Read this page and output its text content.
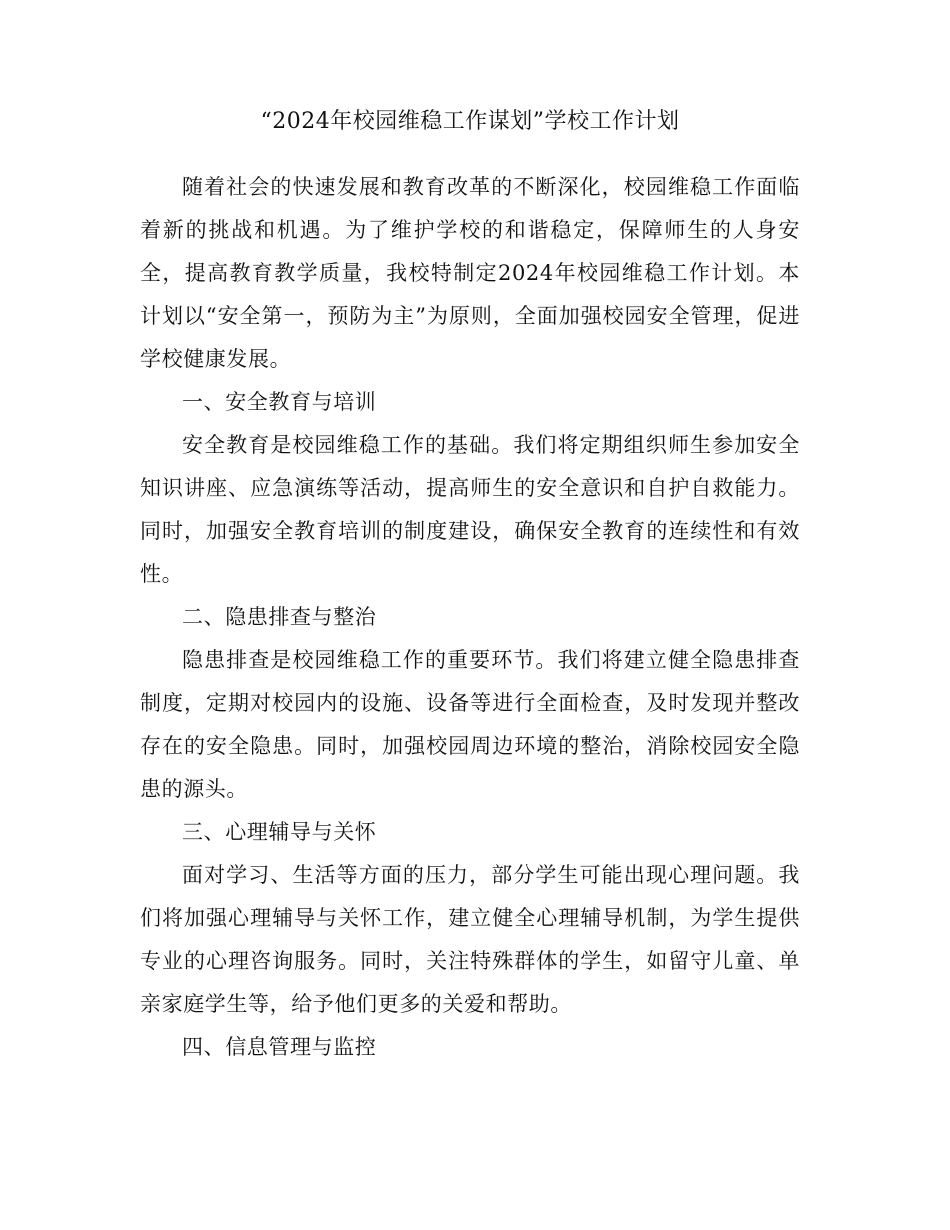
“2024年校园维稳工作谋划”学校工作计划

随着社会的快速发展和教育改革的不断深化，校园维稳工作面临着新的挑战和机遇。为了维护学校的和谐稳定，保障师生的人身安全，提高教育教学质量，我校特制定2024年校园维稳工作计划。本计划以“安全第一，预防为主”为原则，全面加强校园安全管理，促进学校健康发展。

一、安全教育与培训

安全教育是校园维稳工作的基础。我们将定期组织师生参加安全知识讲座、应急演练等活动，提高师生的安全意识和自护自救能力。同时，加强安全教育培训的制度建设，确保安全教育的连续性和有效性。

二、隐患排查与整治

隐患排查是校园维稳工作的重要环节。我们将建立健全隐患排查制度，定期对校园内的设施、设备等进行全面检查，及时发现并整改存在的安全隐患。同时，加强校园周边环境的整治，消除校园安全隐患的源头。

三、心理辅导与关怀

面对学习、生活等方面的压力，部分学生可能出现心理问题。我们将加强心理辅导与关怀工作，建立健全心理辅导机制，为学生提供专业的心理咨询服务。同时，关注特殊群体的学生，如留守儿童、单亲家庭学生等，给予他们更多的关爱和帮助。

四、信息管理与监控
